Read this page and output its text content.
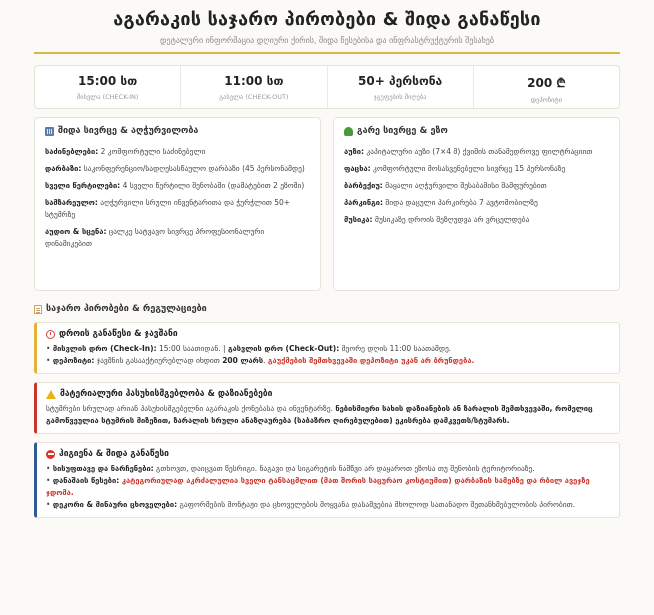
აგარაკის საჯარო პირობები & შიდა განაწესი
დეტალური ინფორმაცია დღიური ქირის, შიდა წესებისა და ინფრასტრუქტურის შესახებ
15:00 სთ
მისვლა (CHECK-IN)
11:00 სთ
გასვლა (CHECK-OUT)
50+ პერსონა
ჯგუფების მიღება
200 ₾
დეპოზიტი
შიდა სივრცე & აღჭურვილობა
საძინებლები: 2 კომფორტული საძინებელი
დარბაზი: საკონფერენციო/სადღესასწაულო დარბაზი (45 პერსონამდე)
სველი წერტილები: 4 სველი წერტილი შენობაში (დამატებით 2 ეზოში)
სამზარეულო: აღჭურვილი სრული ინვენტარითა და ჭურჭლით 50+ სტუმრზე
აუდიო & სცენა: ცალკე სატვავო სივრცე პროფესიონალური დინამიკებით
გარე სივრცე & ეზო
აუზი: კაპიტალური აუზი (7×4 მ) ქვიშის თანამედროვე ფილტრაციით
ფაცხა: კომფორტული მოსასვენებელი სივრცე 15 პერსონაზე
ბარბექიუ: მაყალი აღჭურვილი შესაბამისი შამფურებით
პარკინგი: შიდა დაცული პარკირება 7 ავტომობილზე
მუსიკა: მუსიკაზე დროის შეზღუდვა არ ვრცელდება
საჯარო პირობები & რეგულაციები
დროის განაწესი & ჯავშანი
• მისვლის დრო (Check-In): 15:00 საათიდან. | გასვლის დრო (Check-Out): მეორე დღის 11:00 საათამდე.
• დეპოზიტი: ჯავშნის გასააქტიურებლად იხდით 200 ლარს. გაუქმების შემთხვევაში დეპოზიტი უკან არ ბრუნდება.
მატერიალური პასუხისმგებლობა & დაზიანებები
სტუმრები სრულად არიან პასუხისმგებელნი აგარაკის ქონებასა და ინვენტარზე. ნებისმიერი სახის დაზიანების ან ზარალის შემთხვევაში, რომელიც გამოწვეულია სტუმრის მიზეზით, ზარალის სრული ანაზღაურება (საბაზრო ღირებულებით) ეკისრება დამკვეთს/სტუმარს.
ჰიგიენა & შიდა განაწესი
• სისუფთავე და ნარჩენები: გთხოვთ, დაიცვათ წესრიგი. ნაგავი და სიგარეტის ნამწვი არ დაყაროთ ეზოსა თუ შენობის ტერიტორიაზე.
• დანაშაის წესები: კატეგორიულად აკრძალულია სველი ტანსაცმლით (მათ შორის საცურაო კოსტიუმით) დარბაზის სამებზე და რბილ ავეჯზე ჯდომა.
• დეკორი & მინაური ცხოველები: გაფორმების მონტაჟი და ცხოველების მოყვანა დასაშვებია მხოლოდ სათანადო შეთანხმებულობის პირობით.
